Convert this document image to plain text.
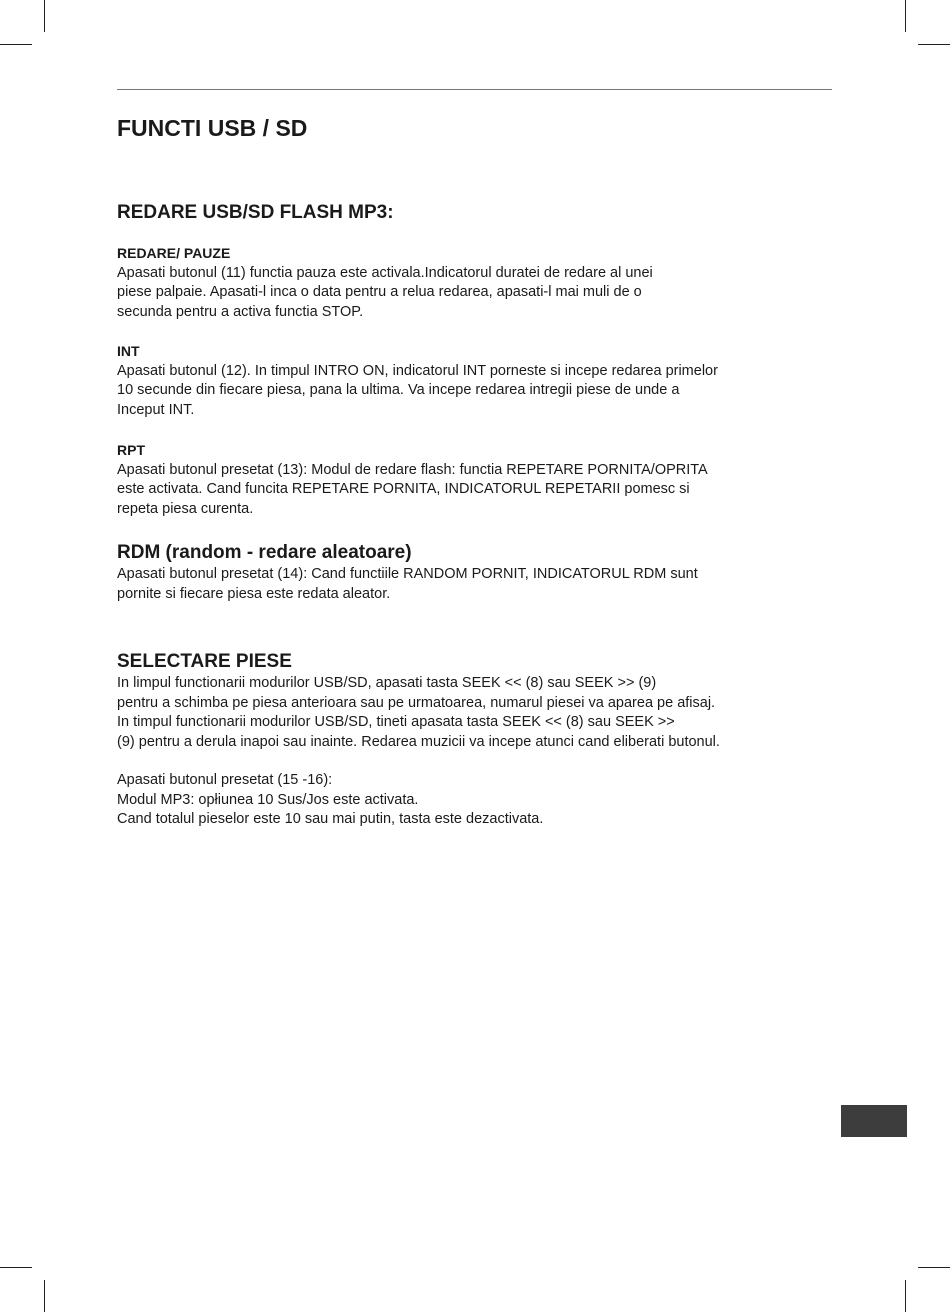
FUNCTI USB / SD
REDARE USB/SD FLASH MP3:
REDARE/ PAUZE

Apasati butonul (11) functia pauza este activala.Indicatorul duratei de redare al unei

piese palpaie. Apasati-l inca o data pentru a relua redarea, apasati-l mai muli de o

secunda pentru a activa functia STOP.

INT

Apasati butonul (12). In timpul INTRO ON, indicatorul INT porneste si incepe redarea primelor

10 secunde din fiecare piesa, pana la ultima. Va incepe redarea intregii piese de unde a

Inceput INT.

RPT

Apasati butonul presetat (13): Modul de redare flash: functia REPETARE PORNITA/OPRITA

este activata. Cand funcita REPETARE PORNITA, INDICATORUL REPETARII pomesc si

repeta piesa curenta.

RDM (random - redare aleatoare)

Apasati butonul presetat (14): Cand functiile RANDOM PORNIT, INDICATORUL RDM sunt

pornite si fiecare piesa este redata aleator.

SELECTARE PIESE

In limpul functionarii modurilor USB/SD, apasati tasta SEEK << (8) sau SEEK >> (9)

pentru a schimba pe piesa anterioara sau pe urmatoarea, numarul piesei va aparea pe afisaj.

In timpul functionarii modurilor USB/SD, tineti apasata tasta SEEK << (8) sau SEEK >>

(9) pentru a derula inapoi sau inainte. Redarea muzicii va incepe atunci cand eliberati butonul.

Apasati butonul presetat (15 -16):

Modul MP3: opłiunea 10 Sus/Jos este activata.

Cand totalul pieselor este 10 sau mai putin, tasta este dezactivata.
